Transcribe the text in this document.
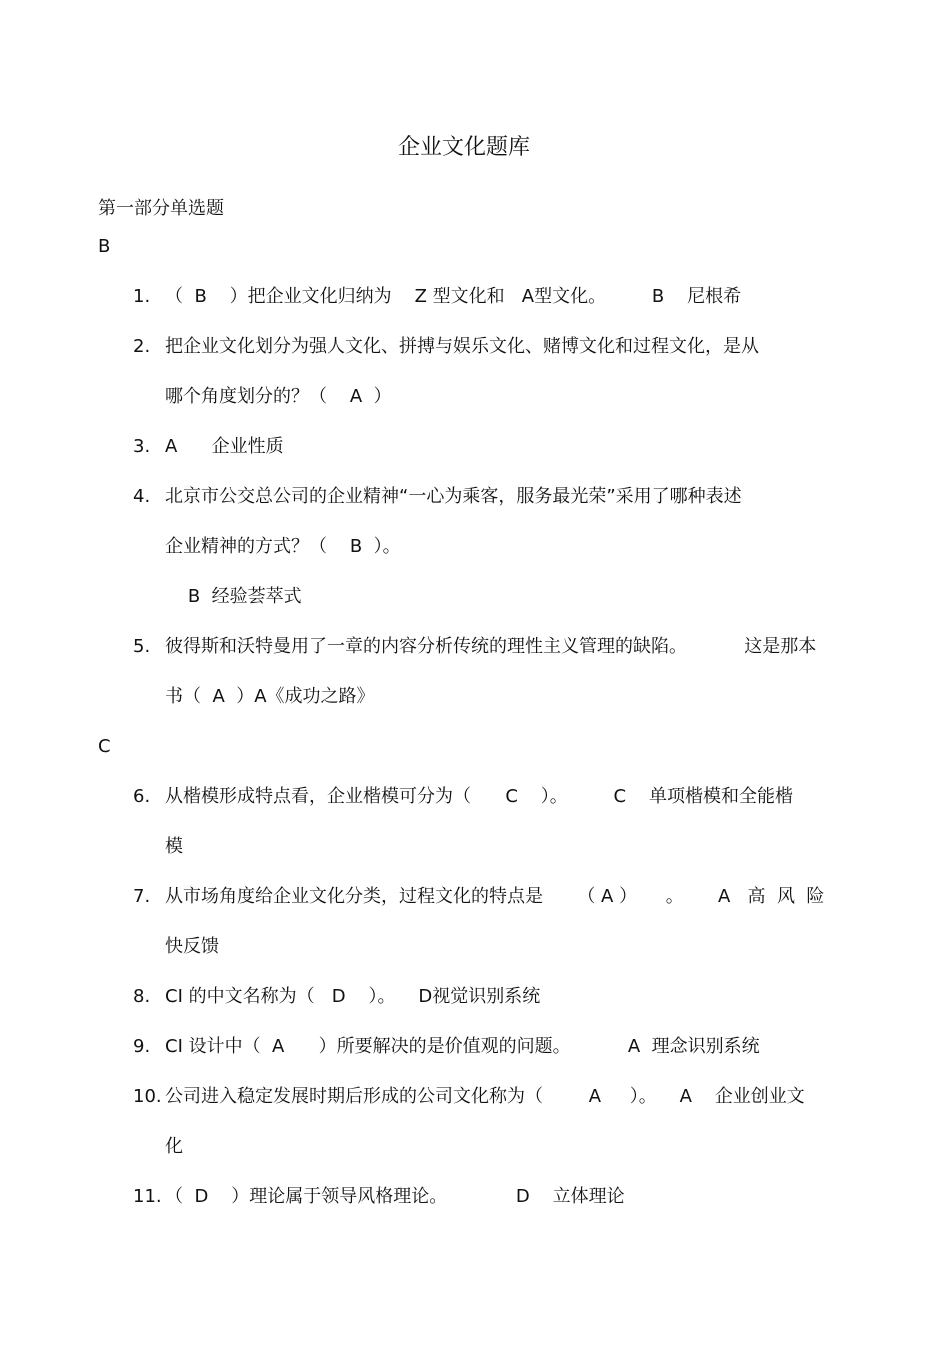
企业文化题库
第一部分单选题
B
1. （  B    ）把企业文化归纳为    Z 型文化和   A型文化。        B    尼根希
2. 把企业文化划分为强人文化、拼搏与娱乐文化、赌博文化和过程文化，是从
哪个角度划分的？（    A  ）
3. A      企业性质
4. 北京市公交总公司的企业精神“一心为乘客，服务最光荣”采用了哪种表述
企业精神的方式？（    B  ）。
B  经验荟萃式
5. 彼得斯和沃特曼用了一章的内容分析传统的理性主义管理的缺陷。          这是那本
书（  A  ）A《成功之路》
C
6. 从楷模形成特点看，企业楷模可分为（      C    ）。        C    单项楷模和全能楷
模
7. 从市场角度给企业文化分类，过程文化的特点是      （ A ）     。      A   高  风  险
快反馈
8. CI 的中文名称为（   D    ）。    D视觉识别系统
9. CI 设计中（  A      ）所要解决的是价值观的问题。          A  理念识别系统
10. 公司进入稳定发展时期后形成的公司文化称为（        A     ）。    A    企业创业文
化
11. （  D    ）理论属于领导风格理论。            D    立体理论
